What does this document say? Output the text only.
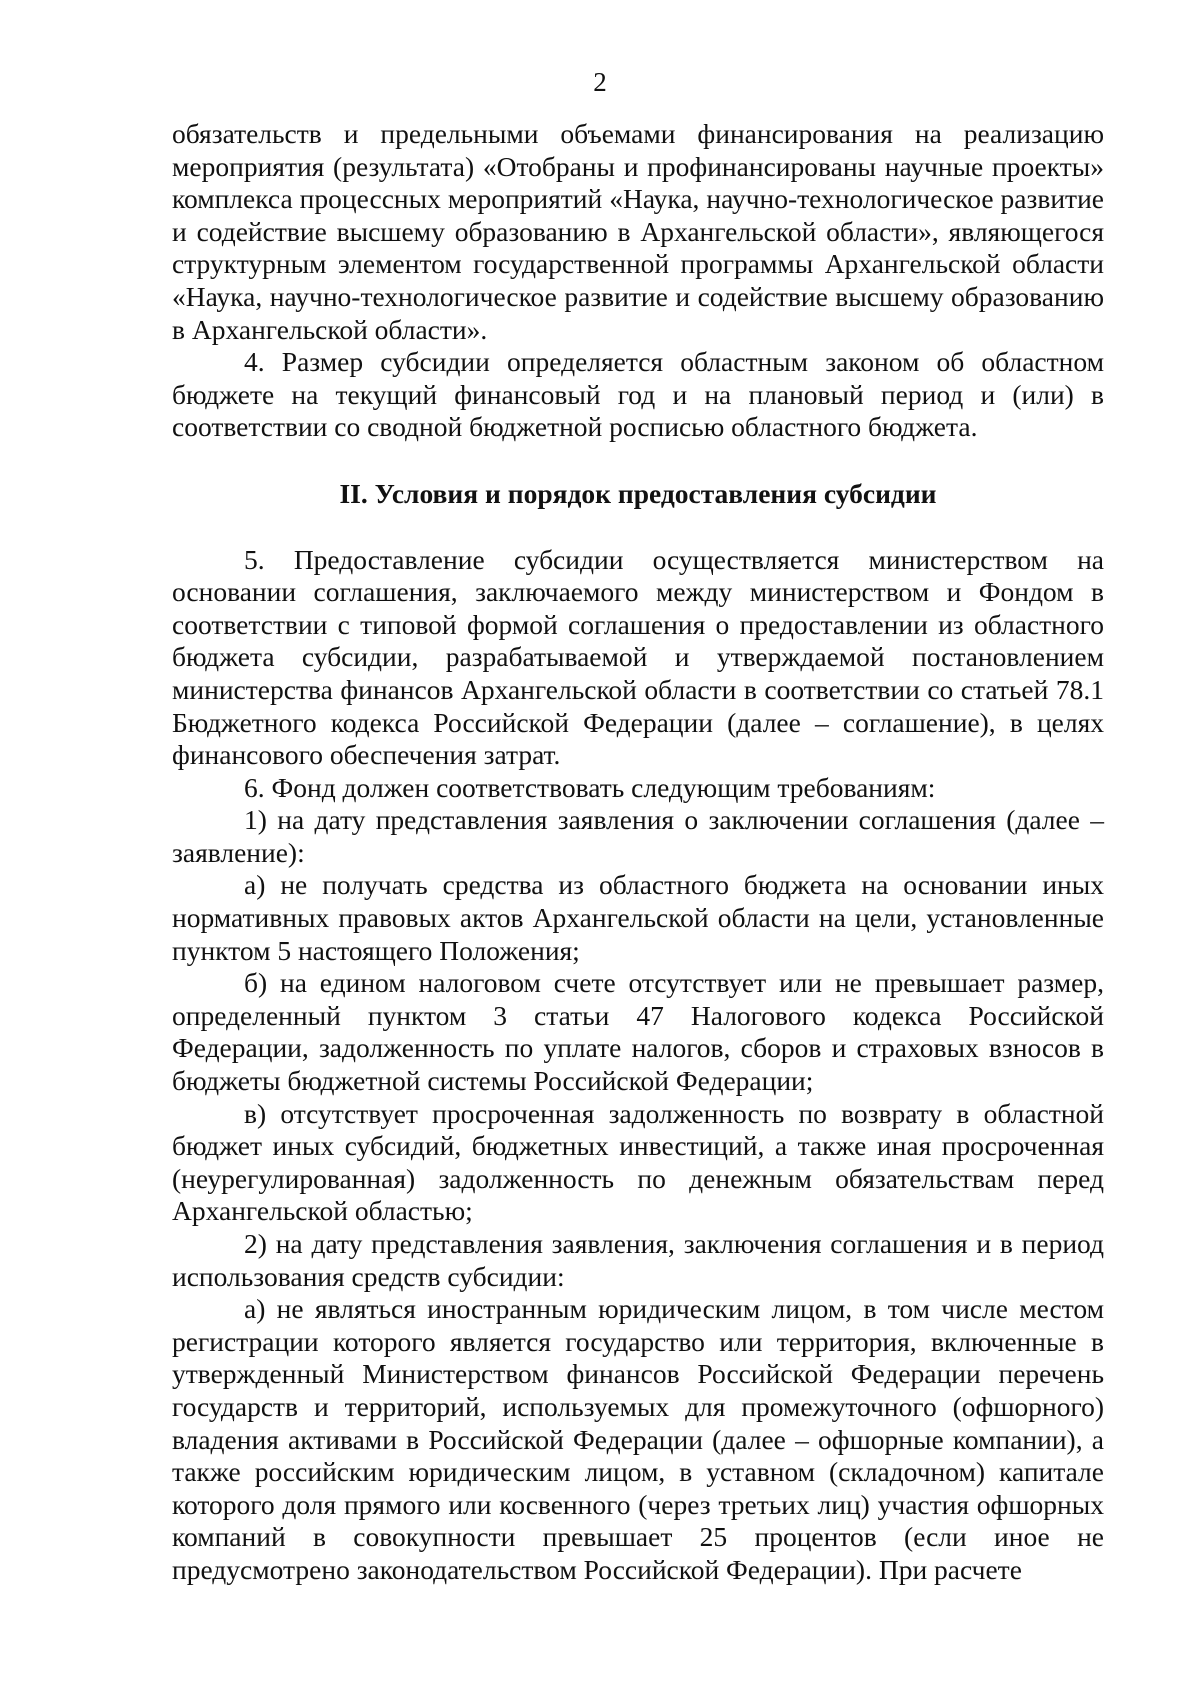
2

обязательств и предельными объемами финансирования на реализацию мероприятия (результата) «Отобраны и профинансированы научные проекты» комплекса процессных мероприятий «Наука, научно-технологическое развитие и содействие высшему образованию в Архангельской области», являющегося структурным элементом государственной программы Архангельской области «Наука, научно-технологическое развитие и содействие высшему образованию в Архангельской области».

4. Размер субсидии определяется областным законом об областном бюджете на текущий финансовый год и на плановый период и (или) в соответствии со сводной бюджетной росписью областного бюджета.

II. Условия и порядок предоставления субсидии

5. Предоставление субсидии осуществляется министерством на основании соглашения, заключаемого между министерством и Фондом в соответствии с типовой формой соглашения о предоставлении из областного бюджета субсидии, разрабатываемой и утверждаемой постановлением министерства финансов Архангельской области в соответствии со статьей 78.1 Бюджетного кодекса Российской Федерации (далее – соглашение), в целях финансового обеспечения затрат.

6. Фонд должен соответствовать следующим требованиям:

1) на дату представления заявления о заключении соглашения (далее – заявление):

а) не получать средства из областного бюджета на основании иных нормативных правовых актов Архангельской области на цели, установленные пунктом 5 настоящего Положения;

б) на едином налоговом счете отсутствует или не превышает размер, определенный пунктом 3 статьи 47 Налогового кодекса Российской Федерации, задолженность по уплате налогов, сборов и страховых взносов в бюджеты бюджетной системы Российской Федерации;

в) отсутствует просроченная задолженность по возврату в областной бюджет иных субсидий, бюджетных инвестиций, а также иная просроченная (неурегулированная) задолженность по денежным обязательствам перед Архангельской областью;

2) на дату представления заявления, заключения соглашения и в период использования средств субсидии:

а) не являться иностранным юридическим лицом, в том числе местом регистрации которого является государство или территория, включенные в утвержденный Министерством финансов Российской Федерации перечень государств и территорий, используемых для промежуточного (офшорного) владения активами в Российской Федерации (далее – офшорные компании), а также российским юридическим лицом, в уставном (складочном) капитале которого доля прямого или косвенного (через третьих лиц) участия офшорных компаний в совокупности превышает 25 процентов (если иное не предусмотрено законодательством Российской Федерации). При расчете
